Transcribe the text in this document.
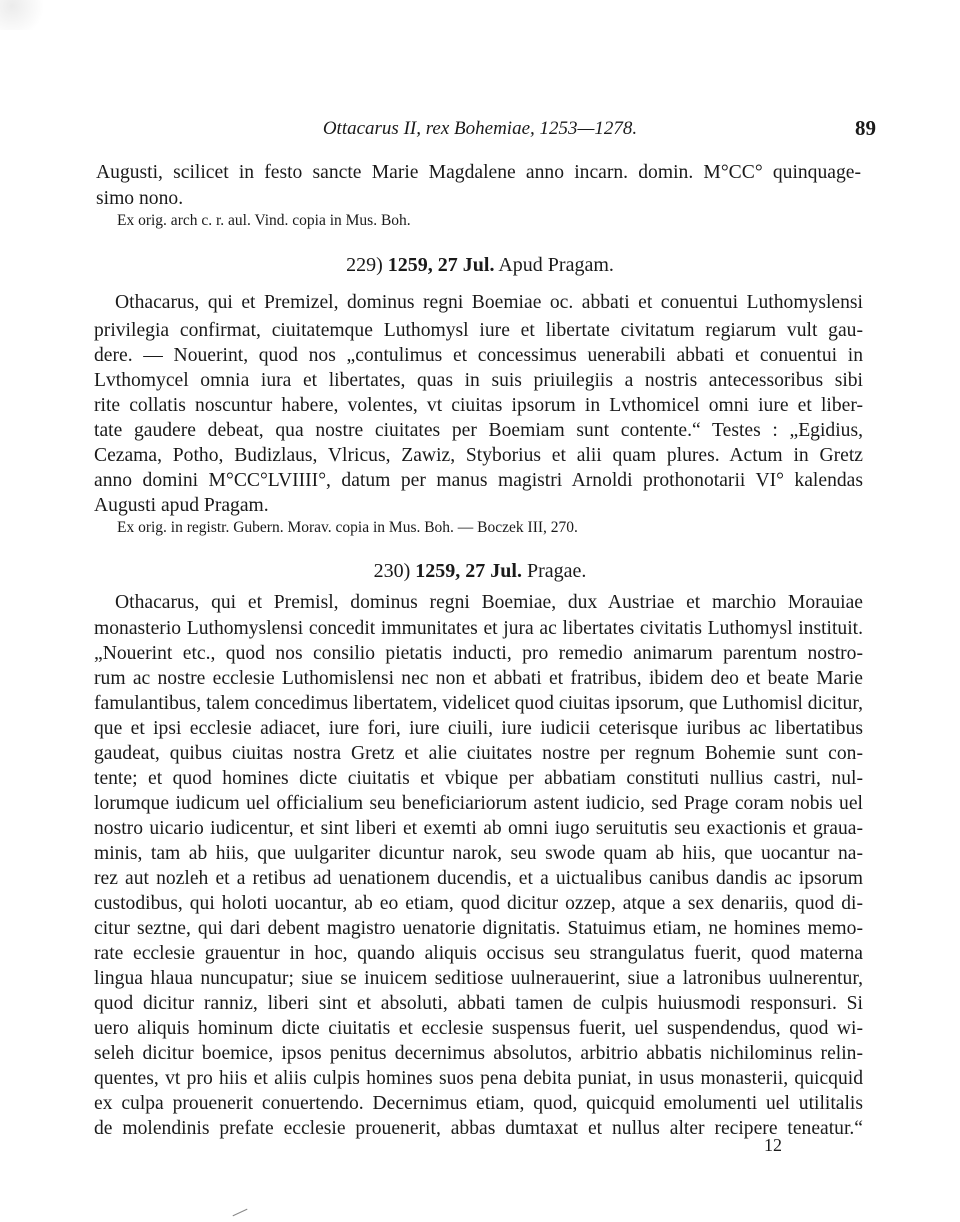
Ottacarus II, rex Bohemiae, 1253—1278.	89
Augusti, scilicet in festo sancte Marie Magdalene anno incarn. domin. M°CC° quinquage-
simo nono.
Ex orig. arch c. r. aul. Vind. copia in Mus. Boh.
229) 1259, 27 Jul. Apud Pragam.
Othacarus, qui et Premizel, dominus regni Boemiae oc. abbati et conuentui Luthomyslensi
privilegia confirmat, ciuitatemque Luthomysl iure et libertate civitatum regiarum vult gau-
dere. — Nouerint, quod nos „contulimus et concessimus uenerabili abbati et conuentui in
Lvthomycel omnia iura et libertates, quas in suis priuilegiis a nostris antecessoribus sibi
rite collatis noscuntur habere, volentes, vt ciuitas ipsorum in Lvthomicel omni iure et liber-
tate gaudere debeat, qua nostre ciuitates per Boemiam sunt contente.“ Testes : „Egidius,
Cezama, Potho, Budizlaus, Vlricus, Zawiz, Styborius et alii quam plures. Actum in Gretz
anno domini M°CC°LVIIII°, datum per manus magistri Arnoldi prothonotarii VI° kalendas
Augusti apud Pragam.
Ex orig. in registr. Gubern. Morav. copia in Mus. Boh. — Boczek III, 270.
230) 1259, 27 Jul. Pragae.
Othacarus, qui et Premisl, dominus regni Boemiae, dux Austriae et marchio Morauiae
monasterio Luthomyslensi concedit immunitates et jura ac libertates civitatis Luthomysl instituit.
„Nouerint etc., quod nos consilio pietatis inducti, pro remedio animarum parentum nostro-
rum ac nostre ecclesie Luthomislensi nec non et abbati et fratribus, ibidem deo et beate Marie
famulantibus, talem concedimus libertatem, videlicet quod ciuitas ipsorum, que Luthomisl dicitur,
que et ipsi ecclesie adiacet, iure fori, iure ciuili, iure iudicii ceterisque iuribus ac libertatibus
gaudeat, quibus ciuitas nostra Gretz et alie ciuitates nostre per regnum Bohemie sunt con-
tente; et quod homines dicte ciuitatis et vbique per abbatiam constituti nullius castri, nul-
lorumque iudicum uel officialium seu beneficiariorum astent iudicio, sed Prage coram nobis uel
nostro uicario iudicentur, et sint liberi et exemti ab omni iugo seruitutis seu exactionis et grauа-
minis, tam ab hiis, que uulgariter dicuntur narok, seu swode quam ab hiis, que uocantur na-
rez aut nozleh et a retibus ad uenationem ducendis, et a uictualibus canibus dandis ac ipsorum
custodibus, qui holoti uocantur, ab eo etiam, quod dicitur ozzep, atque a sex denariis, quod di-
citur seztne, qui dari debent magistro uenatorie dignitatis. Statuimus etiam, ne homines memo-
rate ecclesie grauentur in hoc, quando aliquis occisus seu strangulatus fuerit, quod materna
lingua hlaua nuncupatur; siue se inuicem seditiose uulnerauerint, siue a latronibus uulnerentur,
quod dicitur ranniz, liberi sint et absoluti, abbati tamen de culpis huiusmodi responsuri. Si
uero aliquis hominum dicte ciuitatis et ecclesie suspensus fuerit, uel suspendendus, quod wi-
seleh dicitur boemice, ipsos penitus decernimus absolutos, arbitrio abbatis nichilominus relin-
quentes, vt pro hiis et aliis culpis homines suos pena debita puniat, in usus monasterii, quicquid
ex culpa prouenerit conuertendo. Decernimus etiam, quod, quicquid emolumenti uel utilitalis
de molendinis prefate ecclesie prouenerit, abbas dumtaxat et nullus alter recipere teneatur.“
12
